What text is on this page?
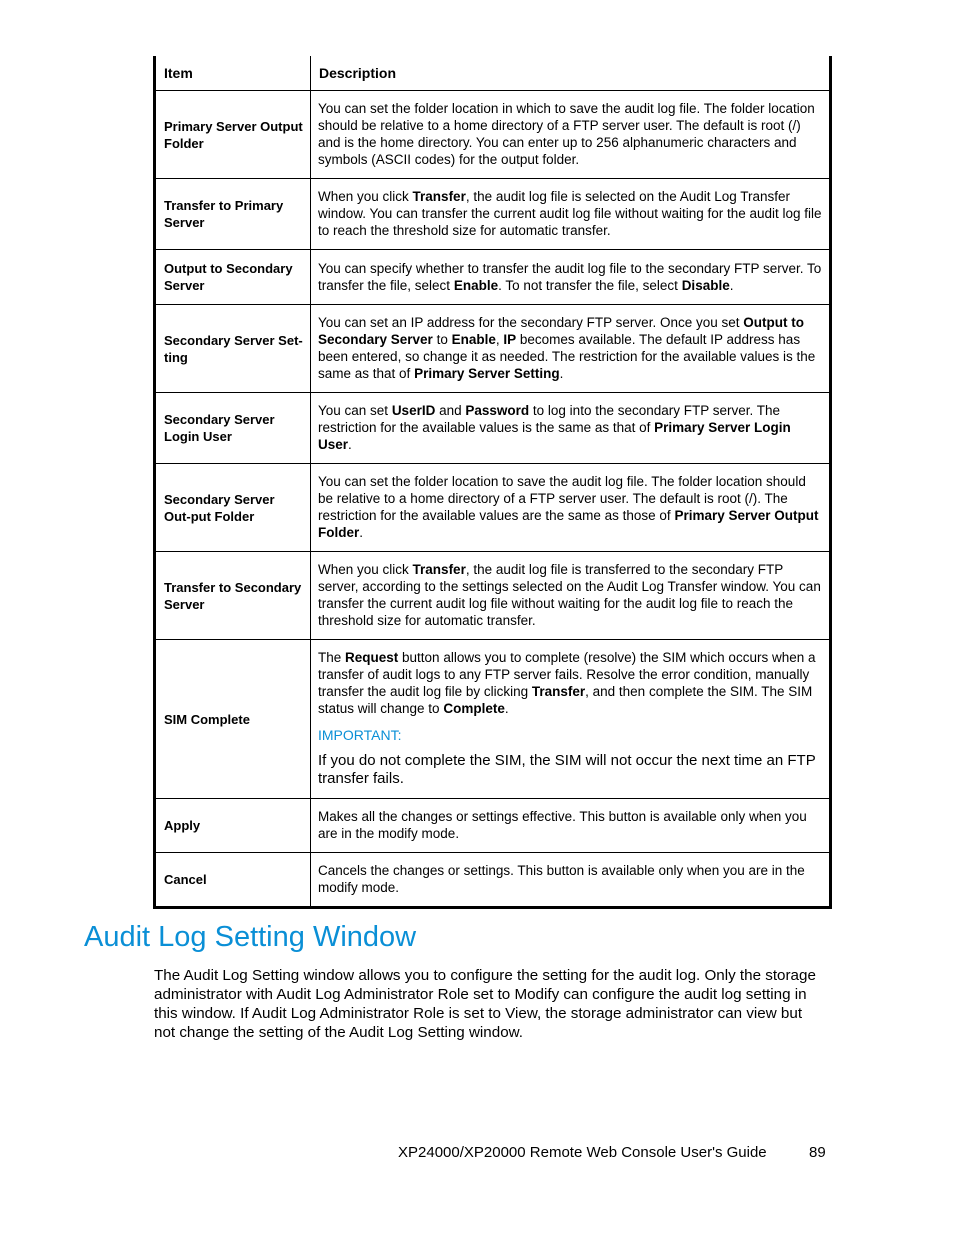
Item	Description
Primary Server Output Folder	You can set the folder location in which to save the audit log file. The folder location should be relative to a home directory of a FTP server user. The default is root (/) and is the home directory. You can enter up to 256 alphanumeric characters and symbols (ASCII codes) for the output folder.
Transfer to Primary Server	When you click Transfer, the audit log file is selected on the Audit Log Transfer window. You can transfer the current audit log file without waiting for the audit log file to reach the threshold size for automatic transfer.
Output to Secondary Server	You can specify whether to transfer the audit log file to the secondary FTP server. To transfer the file, select Enable. To not transfer the file, select Disable.
Secondary Server Set-ting	You can set an IP address for the secondary FTP server. Once you set Output to Secondary Server to Enable, IP becomes available. The default IP address has been entered, so change it as needed. The restriction for the available values is the same as that of Primary Server Setting.
Secondary Server Login User	You can set UserID and Password to log into the secondary FTP server. The restriction for the available values is the same as that of Primary Server Login User.
Secondary Server Out-put Folder	You can set the folder location to save the audit log file. The folder location should be relative to a home directory of a FTP server user. The default is root (/). The restriction for the available values are the same as those of Primary Server Output Folder.
Transfer to Secondary Server	When you click Transfer, the audit log file is transferred to the secondary FTP server, according to the settings selected on the Audit Log Transfer window. You can transfer the current audit log file without waiting for the audit log file to reach the threshold size for automatic transfer.
SIM Complete	The Request button allows you to complete (resolve) the SIM which occurs when a transfer of audit logs to any FTP server fails. Resolve the error condition, manually transfer the audit log file by clicking Transfer, and then complete the SIM. The SIM status will change to Complete.
IMPORTANT:
If you do not complete the SIM, the SIM will not occur the next time an FTP transfer fails.

Apply	Makes all the changes or settings effective. This button is available only when you are in the modify mode.
Cancel	Cancels the changes or settings. This button is available only when you are in the modify mode.
Audit Log Setting Window

The Audit Log Setting window allows you to configure the setting for the audit log. Only the storage administrator with Audit Log Administrator Role set to Modify can configure the audit log setting in this window. If Audit Log Administrator Role is set to View, the storage administrator can view but not change the setting of the Audit Log Setting window.

XP24000/XP20000 Remote Web Console User's Guide	89
